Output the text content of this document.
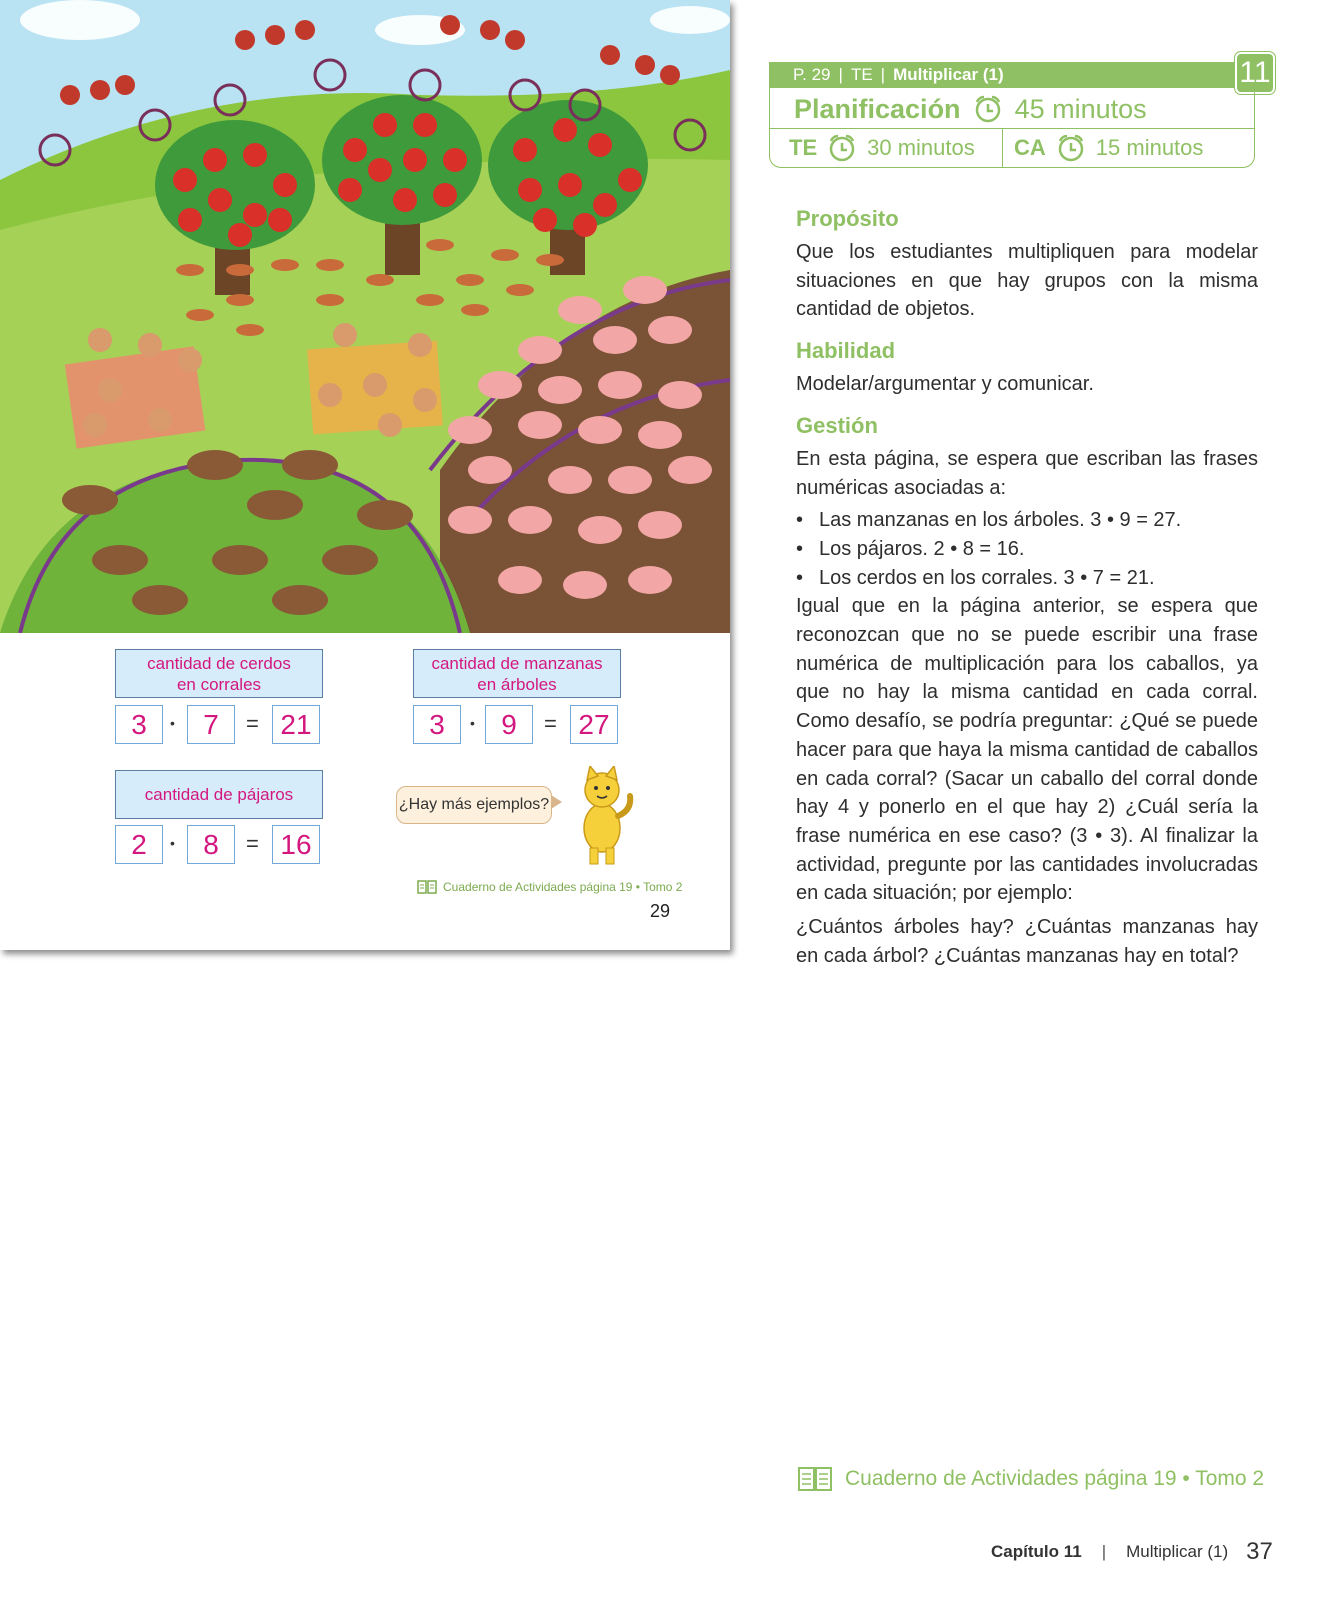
cantidad de cerdos
en corrales
3	•	7	= 21
cantidad de manzanas
en árboles
3	• 9	= 27
cantidad de pájaros
2	•	8	= 16
¿Hay más ejemplos?
Cuaderno de Actividades página 19 • Tomo 2
29
P. 29 | TE | Multiplicar (1)	11
Planificación 45 minutos
TE 30 minutos CA 15 minutos
Propósito

Que los estudiantes multipliquen para modelar situaciones en que hay grupos con la misma cantidad de objetos.

Habilidad

Modelar/argumentar y comunicar.

Gestión

En esta página, se espera que escriban las frases numéricas asociadas a:

• Las manzanas en los árboles. 3 • 9 = 27.
• Los pájaros. 2 • 8 = 16.
• Los cerdos en los corrales. 3 • 7 = 21.

Igual que en la página anterior, se espera que reconozcan que no se puede escribir una frase numérica de multiplicación para los caballos, ya que no hay la misma cantidad en cada corral. Como desafío, se podría preguntar: ¿Qué se puede hacer para que haya la misma cantidad de caballos en cada corral? (Sacar un caballo del corral donde hay 4 y ponerlo en el que hay 2) ¿Cuál sería la frase numérica en ese caso? (3 • 3). Al finalizar la actividad, pregunte por las cantidades involucradas en cada situación; por ejemplo:

¿Cuántos árboles hay? ¿Cuántas manzanas hay en cada árbol? ¿Cuántas manzanas hay en total?

Cuaderno de Actividades página 19 • Tomo 2
Capítulo 11 | Multiplicar (1) 37
